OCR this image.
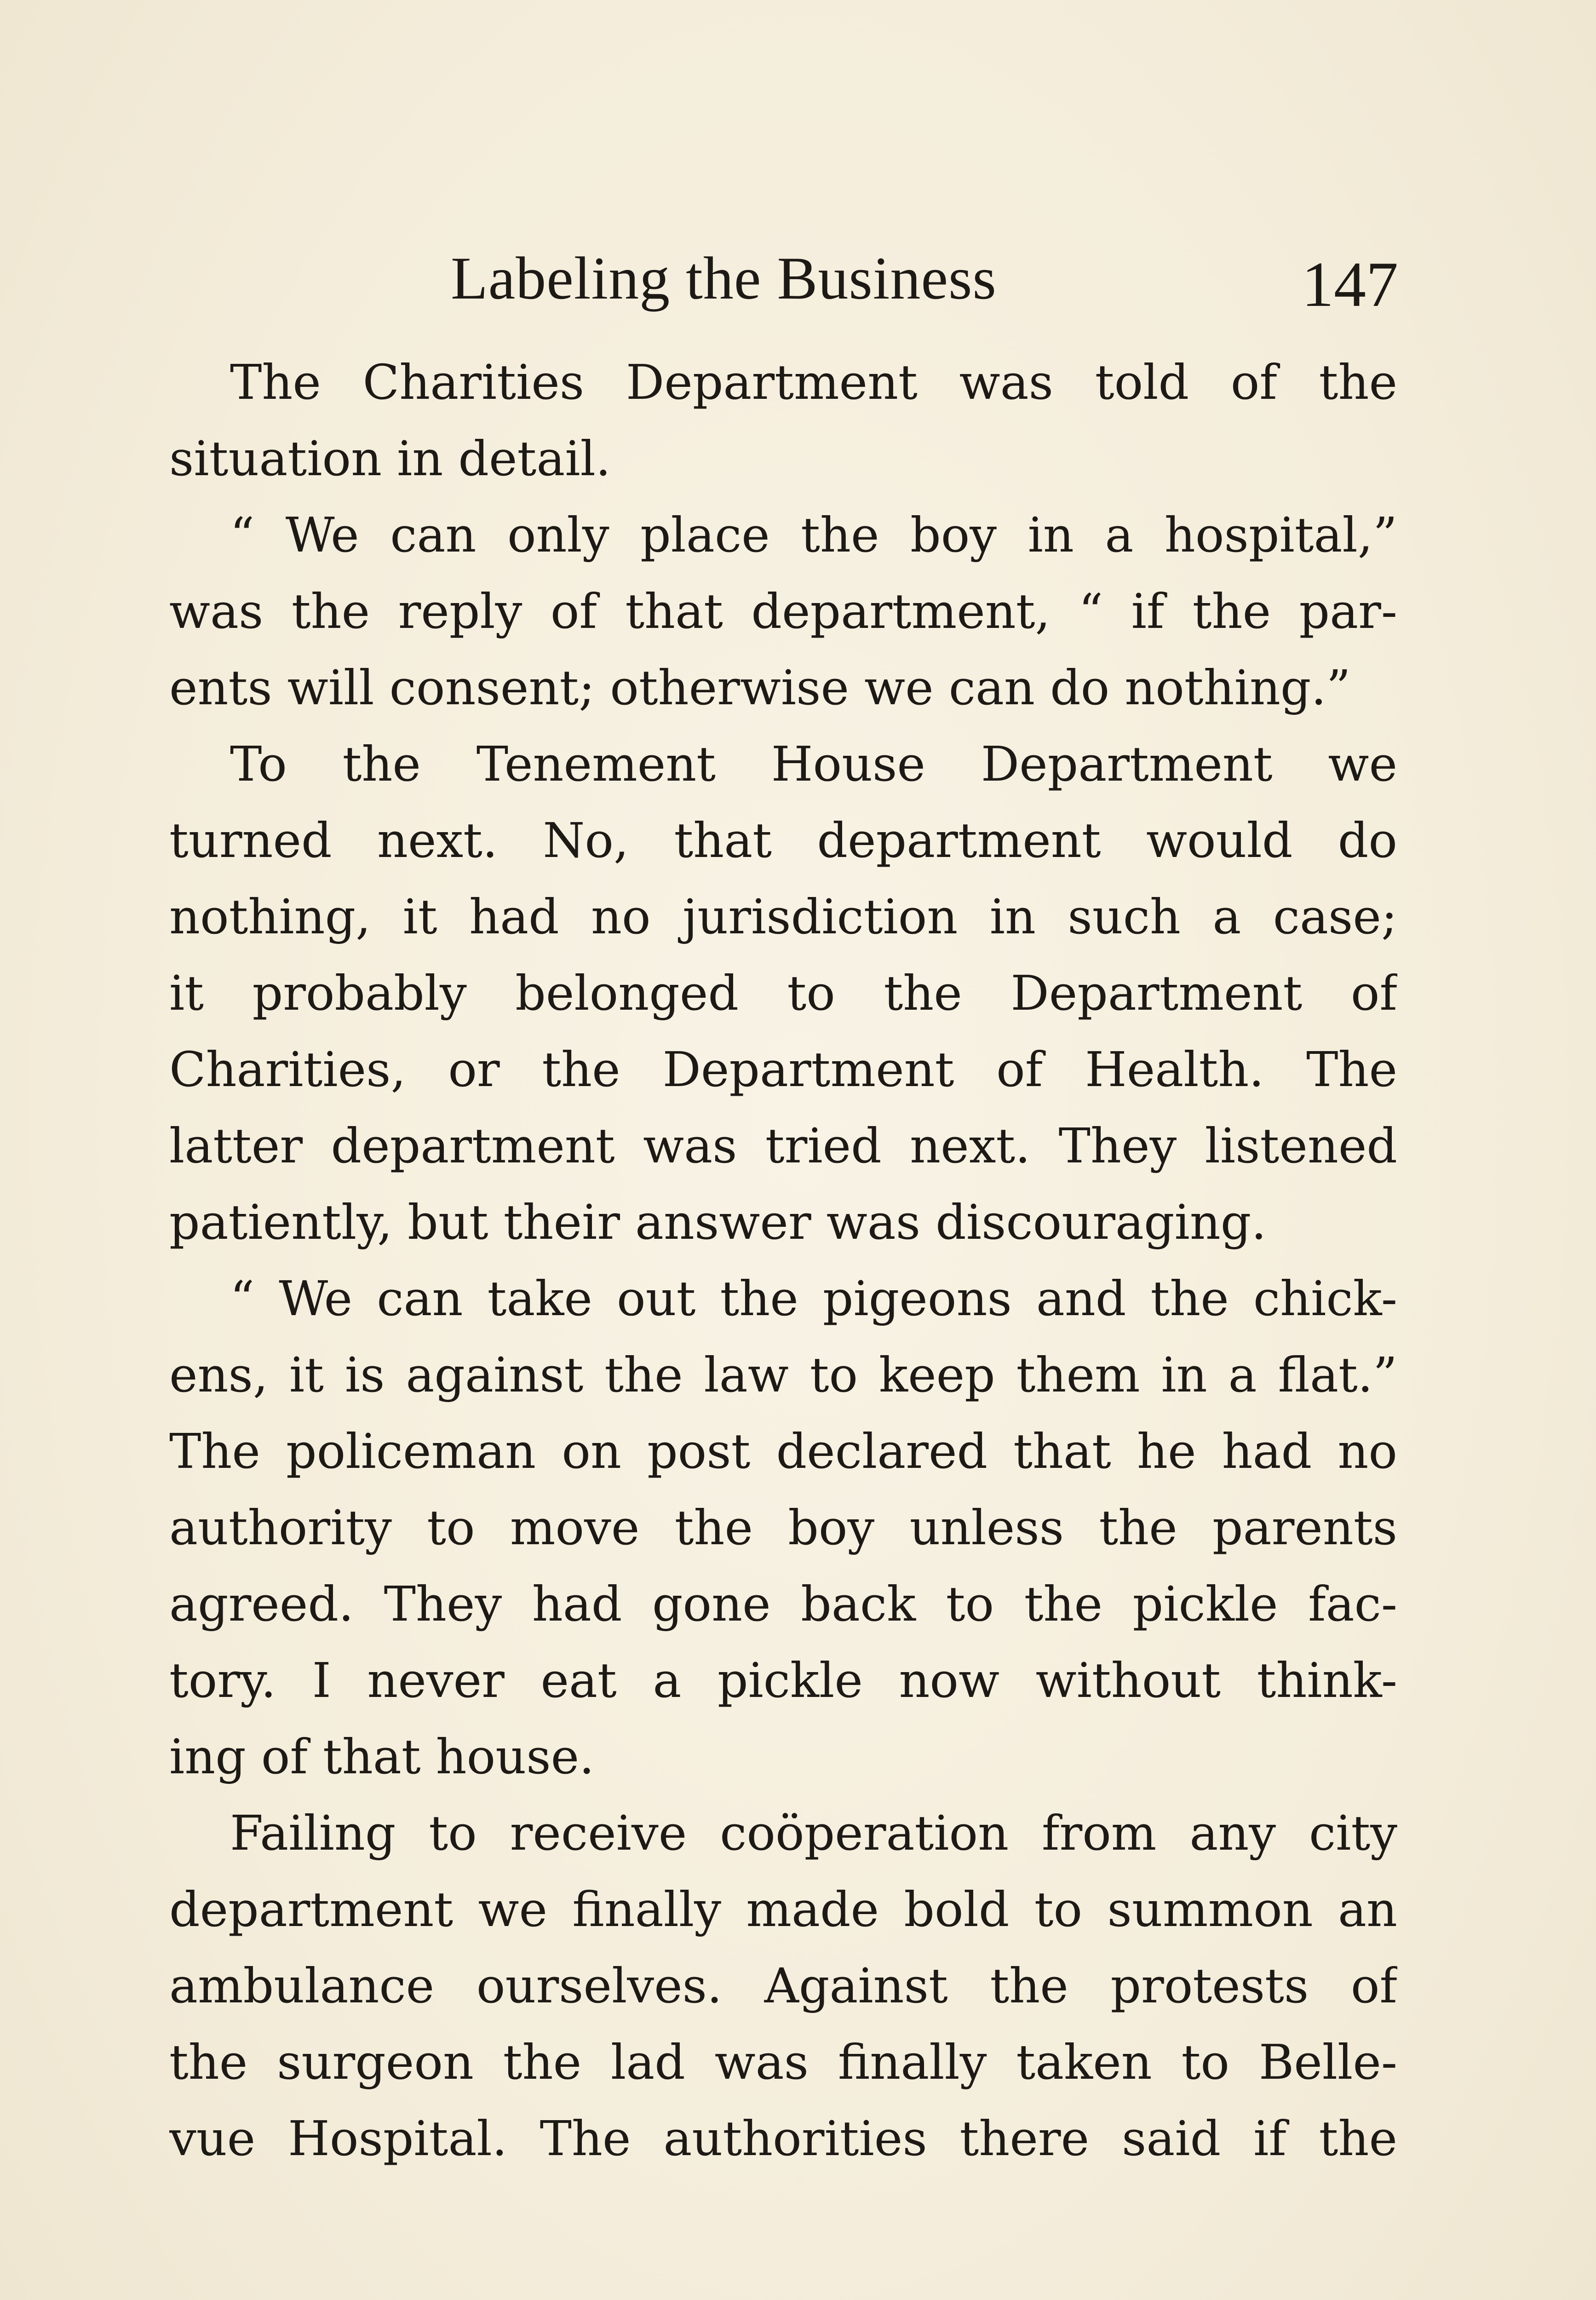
Labeling the Business	147
The Charities Department was told of the
situation in detail.
“ We can only place the boy in a hospital,”
was the reply of that department, “ if the par-
ents will consent; otherwise we can do nothing.”
To the Tenement House Department we
turned next. No, that department would do
nothing, it had no jurisdiction in such a case;
it probably belonged to the Department of
Charities, or the Department of Health. The
latter department was tried next. They listened
patiently, but their answer was discouraging.
“ We can take out the pigeons and the chick-
ens, it is against the law to keep them in a flat.”
The policeman on post declared that he had no
authority to move the boy unless the parents
agreed. They had gone back to the pickle fac-
tory. I never eat a pickle now without think-
ing of that house.
Failing to receive coöperation from any city
department we finally made bold to summon an
ambulance ourselves. Against the protests of
the surgeon the lad was finally taken to Belle-
vue Hospital. The authorities there said if the
